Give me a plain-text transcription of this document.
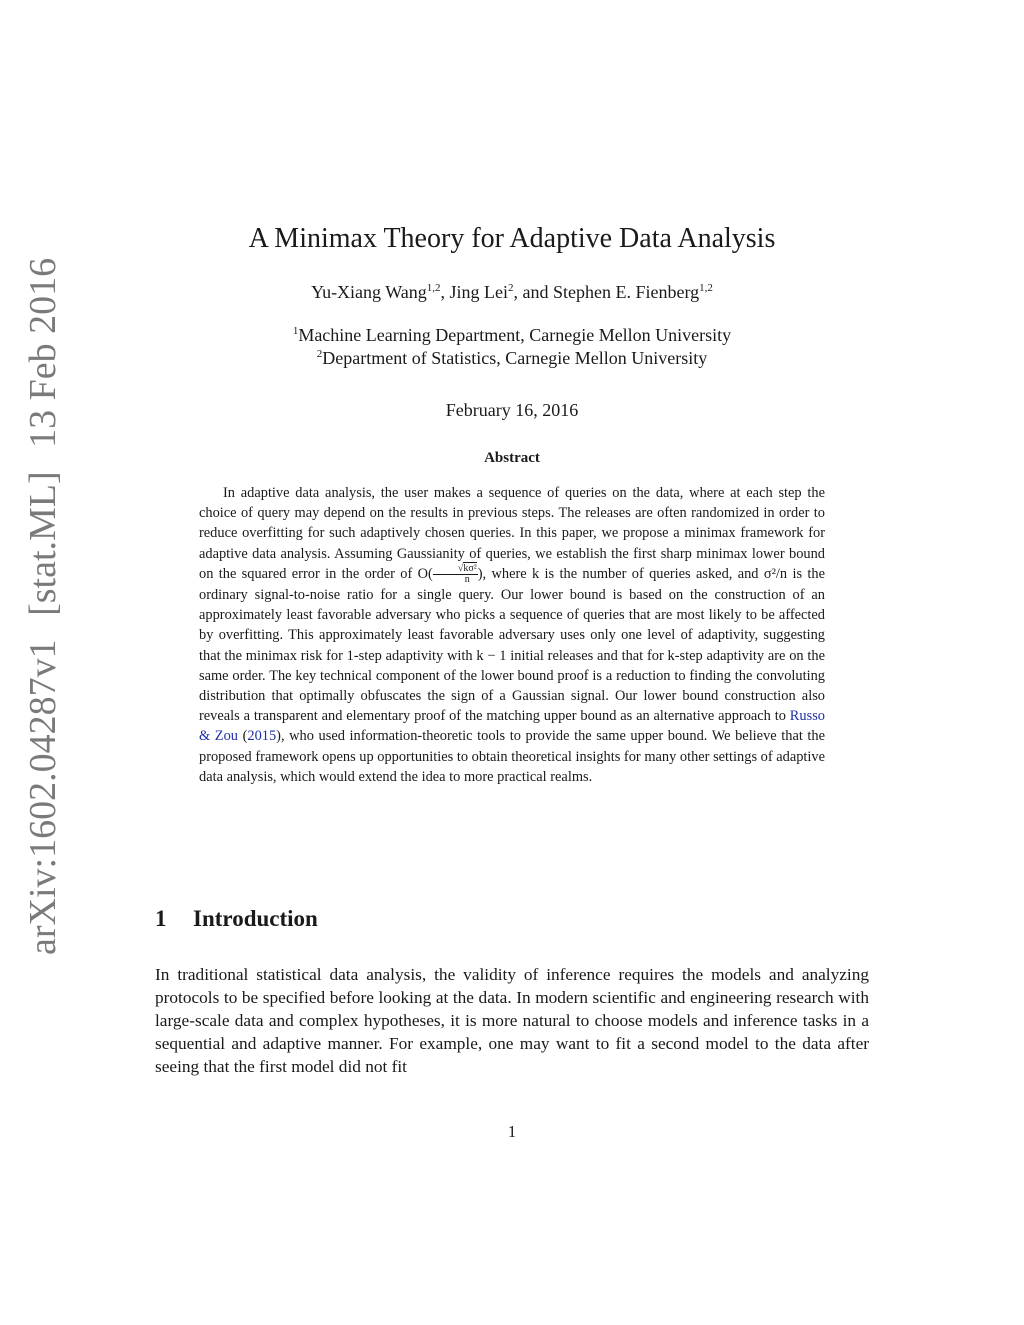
arXiv:1602.04287v1 [stat.ML] 13 Feb 2016
A Minimax Theory for Adaptive Data Analysis
Yu-Xiang Wang$^{1,2}$, Jing Lei$^2$, and Stephen E. Fienberg$^{1,2}$
$^1$Machine Learning Department, Carnegie Mellon University
$^2$Department of Statistics, Carnegie Mellon University
February 16, 2016
Abstract

In adaptive data analysis, the user makes a sequence of queries on the data, where at each step the choice of query may depend on the results in previous steps. The releases are often randomized in order to reduce overfitting for such adaptively chosen queries. In this paper, we propose a minimax framework for adaptive data analysis. Assuming Gaussianity of queries, we establish the first sharp minimax lower bound on the squared error in the order of $O( \frac{\text{√kσ²}}{n}$ ), where k is the number of queries asked, and σ²/n is the ordinary signal-to-noise ratio for a single query. Our lower bound is based on the construction of an approximately least favorable adversary who picks a sequence of queries that are most likely to be affected by overfitting. This approximately least favorable adversary uses only one level of adaptivity, suggesting that the minimax risk for 1-step adaptivity with k − 1 initial releases and that for k-step adaptivity are on the same order. The key technical component of the lower bound proof is a reduction to finding the convoluting distribution that optimally obfuscates the sign of a Gaussian signal. Our lower bound construction also reveals a transparent and elementary proof of the matching upper bound as an alternative approach to Russo & Zou (2015), who used information-theoretic tools to provide the same upper bound. We believe that the proposed framework opens up opportunities to obtain theoretical insights for many other settings of adaptive data analysis, which would extend the idea to more practical realms.

1 Introduction

In traditional statistical data analysis, the validity of inference requires the models and analyzing protocols to be specified before looking at the data. In modern scientific and engineering research with large-scale data and complex hypotheses, it is more natural to choose models and inference tasks in a sequential and adaptive manner. For example, one may want to fit a second model to the data after seeing that the first model did not fit

1
